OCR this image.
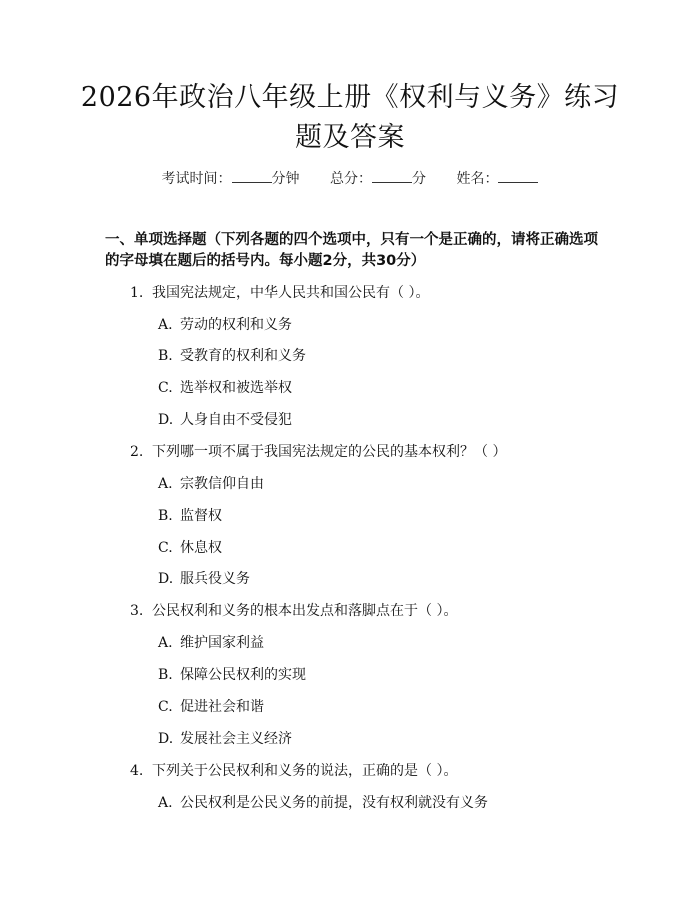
2026年政治八年级上册《权利与义务》练习
题及答案
考试时间：	分钟 总分：	分 姓名：
一、单项选择题（下列各题的四个选项中，只有一个是正确的，请将正确选项的字母填在题后的括号内。每小题2分，共30分）
1. 我国宪法规定，中华人民共和国公民有（ ）。
A. 劳动的权利和义务
B. 受教育的权利和义务
C. 选举权和被选举权
D. 人身自由不受侵犯
2. 下列哪一项不属于我国宪法规定的公民的基本权利？（ ）
A. 宗教信仰自由
B. 监督权
C. 休息权
D. 服兵役义务
3. 公民权利和义务的根本出发点和落脚点在于（ ）。
A. 维护国家利益
B. 保障公民权利的实现
C. 促进社会和谐
D. 发展社会主义经济
4. 下列关于公民权利和义务的说法，正确的是（ ）。
A. 公民权利是公民义务的前提，没有权利就没有义务
